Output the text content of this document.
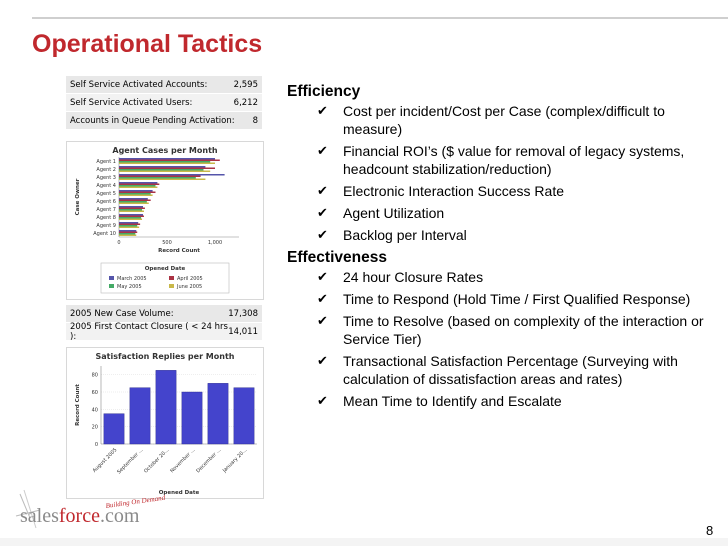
Operational Tactics
Self Service Activated Accounts:	2,595
Self Service Activated Users:	6,212
Accounts in Queue Pending Activation: 8
Agent Cases per Month
Agent 1
Agent 2
Agent 3
Agent 4
Agent 5
Agent 6
Agent 7
Agent 8
Agent 9
Agent 10
0	500	1,000
Record Count
Case Owner
Opened Date
March 2005	April 2005
May 2005	June 2005
2005 New Case Volume:	17,308
2005 First Contact Closure ( < 24 hrs ):	14,011
Satisfaction Replies per Month
0
20
40
60
80
August 2005
September ...
October 20...
November ...
December ... January 20...
Opened Date
Record Count
Efficiency
✔ Cost per incident/Cost per Case (complex/difficult to measure)
✔ Financial ROI’s ($ value for removal of legacy systems, headcount stabilization/reduction)
✔ Electronic Interaction Success Rate
✔ Agent Utilization
✔ Backlog per Interval
Effectiveness
✔ 24 hour Closure Rates
✔ Time to Respond (Hold Time / First Qualified Response)
✔ Time to Resolve (based on complexity of the interaction or Service Tier)
✔ Transactional Satisfaction Percentage (Surveying with calculation of dissatisfaction areas and rates)
✔ Mean Time to Identify and Escalate
salesforce.com
Building On Demand
8
